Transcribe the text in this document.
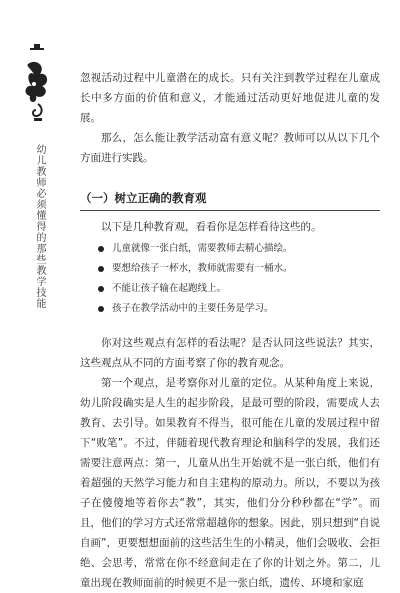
幼儿教师必须懂得的那些教学技能

忽视活动过程中儿童潜在的成长。只有关注到教学过程在儿童成长中多方面的价值和意义，才能通过活动更好地促进儿童的发展。

那么，怎么能让教学活动富有意义呢？教师可以从以下几个方面进行实践。

（一）树立正确的教育观

以下是几种教育观，看看你是怎样看待这些的。

儿童就像一张白纸，需要教师去精心描绘。
要想给孩子一杯水，教师就需要有一桶水。
不能让孩子输在起跑线上。
孩子在教学活动中的主要任务是学习。

你对这些观点有怎样的看法呢？是否认同这些说法？其实，这些观点从不同的方面考察了你的教育观念。

第一个观点，是考察你对儿童的定位。从某种角度上来说，幼儿阶段确实是人生的起步阶段，是最可塑的阶段，需要成人去教育、去引导。如果教育不得当，很可能在儿童的发展过程中留下“败笔”。不过，伴随着现代教育理论和脑科学的发展，我们还需要注意两点：第一，儿童从出生开始就不是一张白纸，他们有着超强的天然学习能力和自主建构的原动力。所以，不要以为孩子在傻傻地等着你去“教”，其实，他们分分秒秒都在“学”。而且，他们的学习方式还常常超越你的想象。因此，别只想到“自说自画”，更要想想面前的这些活生生的小精灵，他们会吸收、会拒绝、会思考，常常在你不经意间走在了你的计划之外。第二，儿童出现在教师面前的时候更不是一张白纸，遗传、环境和家庭
